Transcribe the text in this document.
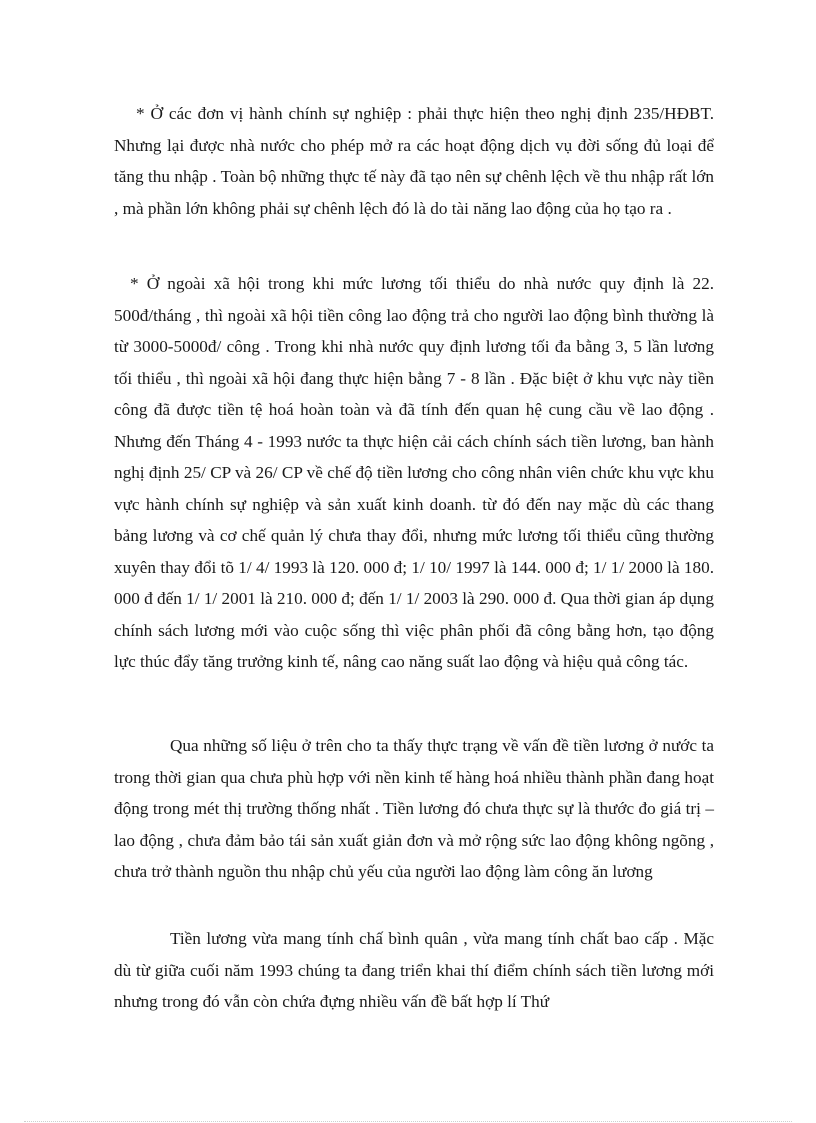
* Ở các đơn vị hành chính sự nghiệp : phải thực hiện theo nghị định 235/HĐBT. Nhưng lại được nhà nước cho phép mở ra các hoạt động dịch vụ đời sống đủ loại để tăng thu nhập . Toàn bộ những thực tế này đã tạo nên sự chênh lệch về thu nhập rất lớn , mà phần lớn không phải sự chênh lệch đó là do tài năng lao động của họ tạo ra .

* Ở ngoài xã hội trong khi mức lương tối thiểu do nhà nước quy định là 22. 500đ/tháng , thì ngoài xã hội tiền công lao động trả cho người lao động bình thường là từ 3000-5000đ/ công . Trong khi nhà nước quy định lương tối đa bằng 3, 5 lần lương tối thiểu , thì ngoài xã hội đang thực hiện bằng 7 - 8 lần . Đặc biệt ở khu vực này tiền công đã được tiền tệ hoá hoàn toàn và đã tính đến quan hệ cung cầu về lao động . Nhưng đến Tháng 4 - 1993 nước ta thực hiện cải cách chính sách tiền lương, ban hành nghị định 25/ CP và 26/ CP về chế độ tiền lương cho công nhân viên chức khu vực khu vực hành chính sự nghiệp và sản xuất kinh doanh. từ đó đến nay mặc dù các thang bảng lương và cơ chế quản lý chưa thay đổi, nhưng mức lương tối thiểu cũng thường xuyên thay đổi tõ 1/ 4/ 1993 là 120. 000 đ; 1/ 10/ 1997 là 144. 000 đ; 1/ 1/ 2000 là 180. 000 đ đến 1/ 1/ 2001 là 210. 000 đ; đến 1/ 1/ 2003 là 290. 000 đ. Qua thời gian áp dụng chính sách lương mới vào cuộc sống thì việc phân phối đã công bằng hơn, tạo động lực thúc đẩy tăng trưởng kinh tế, nâng cao năng suất lao động và hiệu quả công tác.

Qua những số liệu ở trên cho ta thấy thực trạng về vấn đề tiền lương ở nước ta trong thời gian qua chưa phù hợp với nền kinh tế hàng hoá nhiều thành phần đang hoạt động trong mét thị trường thống nhất . Tiền lương đó chưa thực sự là thước đo giá trị –lao động , chưa đảm bảo tái sản xuất giản đơn và mở rộng sức lao động không ngõng , chưa trở thành nguồn thu nhập chủ yếu của người lao động làm công ăn lương

Tiền lương vừa mang tính chấ bình quân , vừa mang tính chất bao cấp . Mặc dù từ giữa cuối năm 1993 chúng ta đang triển khai thí điểm chính sách tiền lương mới nhưng trong đó vẫn còn chứa đựng nhiều vấn đề bất hợp lí Thứ
